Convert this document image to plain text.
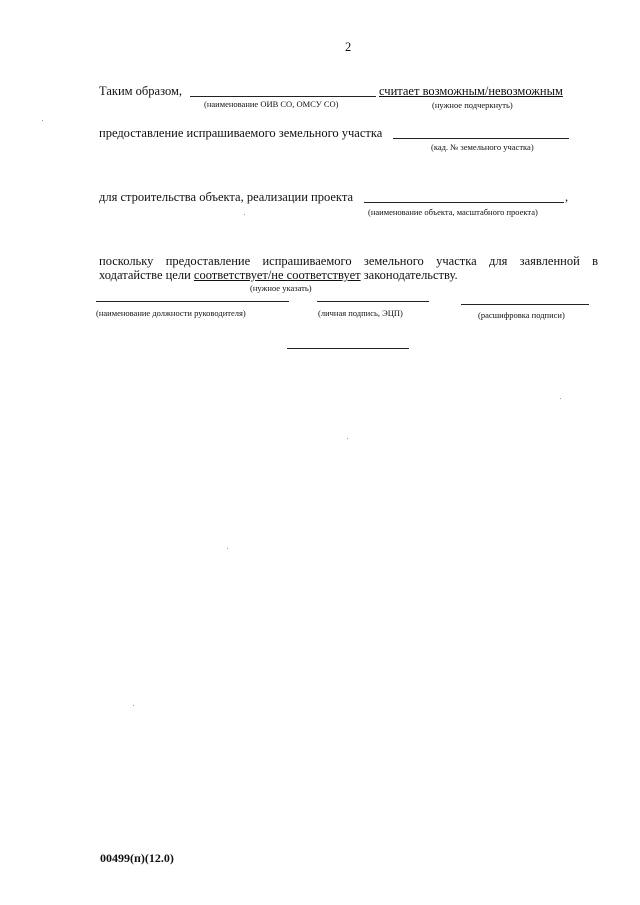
2
Таким образом,	считает возможным/невозможным
(наименование ОИВ СО, ОМСУ СО)	(нужное подчеркнуть)
предоставление испрашиваемого земельного участка
(кад. № земельного участка)
для строительства объекта, реализации проекта	,
(наименование объекта, масштабного проекта)
поскольку предоставление испрашиваемого земельного участка для заявленной в
ходатайстве цели соответствует/не соответствует законодательству.
(нужное указать)
(наименование должности руководителя)	(личная подпись, ЭЦП)	(расшифровка подписи)
00499(п)(12.0)
